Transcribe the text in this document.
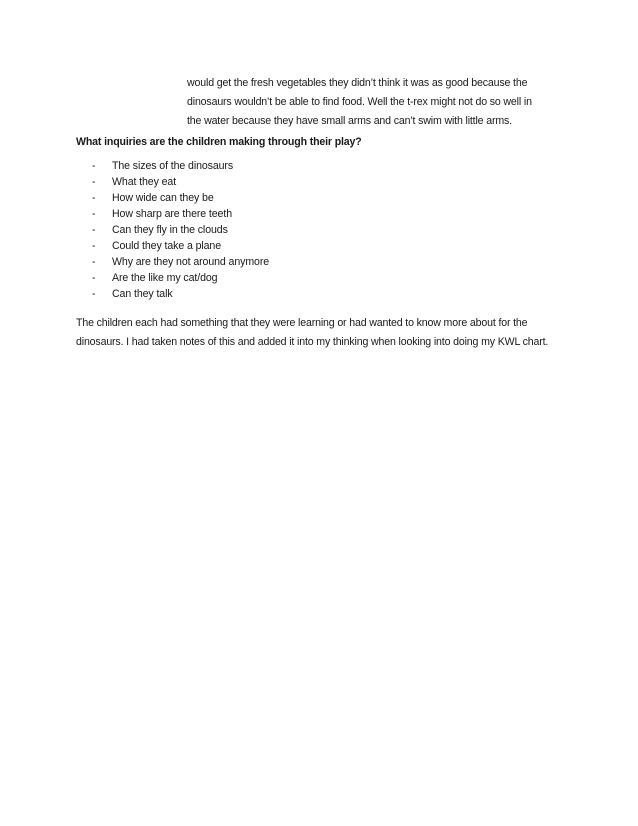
would get the fresh vegetables they didn’t think it was as good because the
dinosaurs wouldn’t be able to find food. Well the t-rex might not do so well in
the water because they have small arms and can’t swim with little arms.

What inquiries are the children making through their play?
- The sizes of the dinosaurs
- What they eat
- How wide can they be
- How sharp are there teeth
- Can they fly in the clouds
- Could they take a plane
- Why are they not around anymore
- Are the like my cat/dog
- Can they talk

The children each had something that they were learning or had wanted to know more about for the
dinosaurs. I had taken notes of this and added it into my thinking when looking into doing my KWL chart.
